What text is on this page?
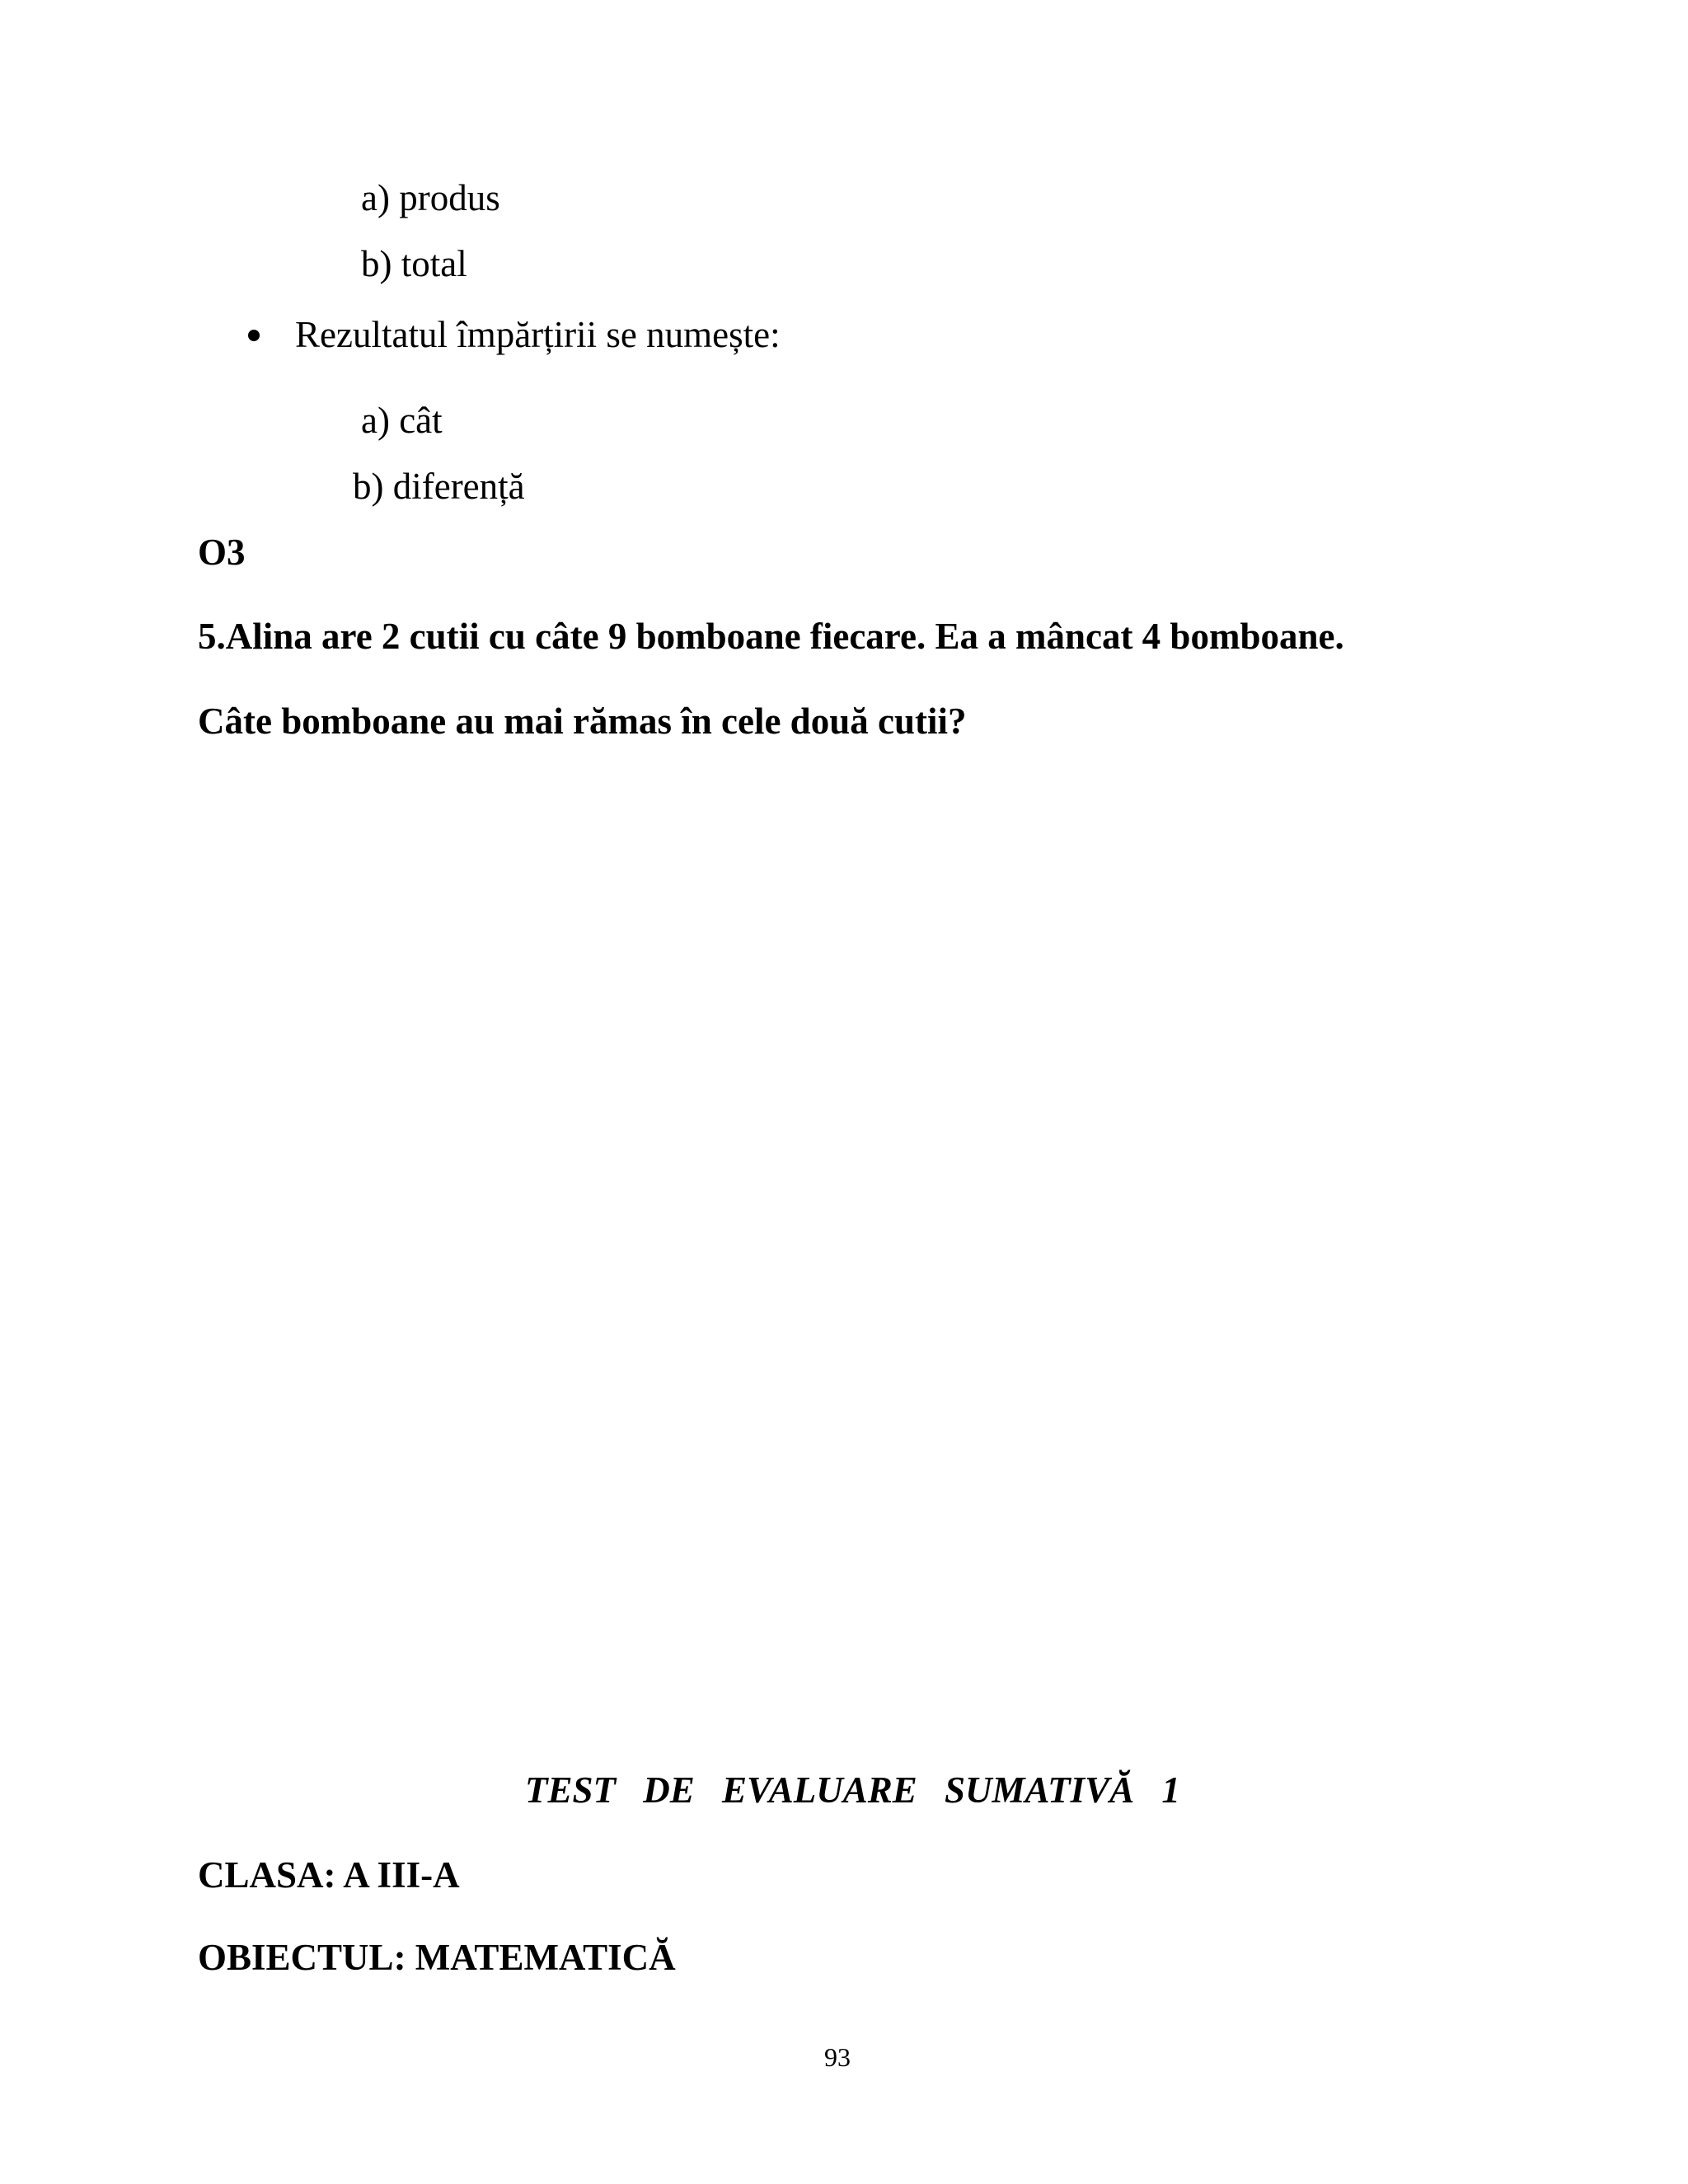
a) produs
b) total
Rezultatul împărțirii se numește:
a) cât
b) diferență
O3
5.Alina are 2 cutii cu câte 9 bomboane fiecare. Ea a mâncat 4 bomboane.
Câte bomboane au mai rămas în cele două cutii?
TEST DE EVALUARE SUMATIVĂ 1
CLASA: A III-A
OBIECTUL: MATEMATICĂ
93
